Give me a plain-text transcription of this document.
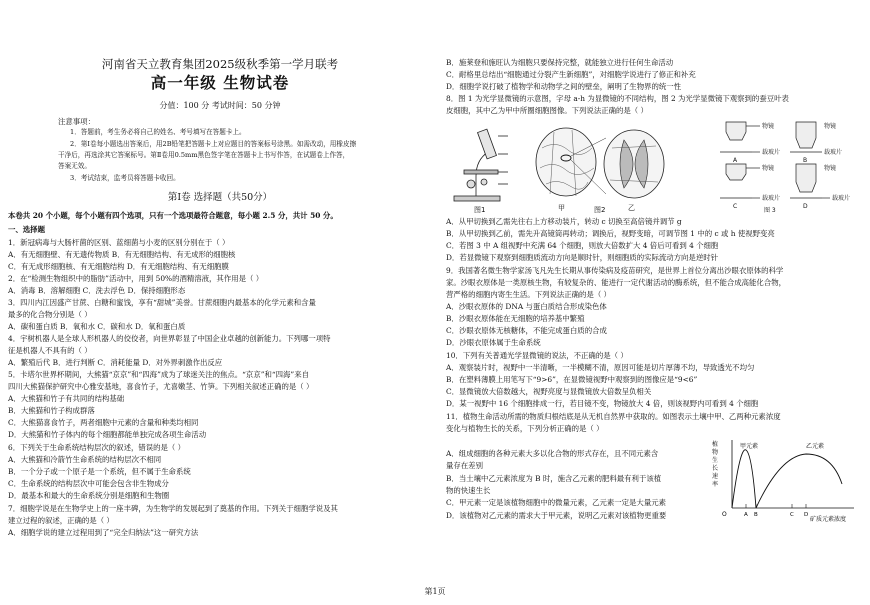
河南省天立教育集团2025级秋季第一学月联考
高一年级 生物试卷
分值：100 分 考试时间：50 分钟
注意事项：
1．答题前，考生务必将自己的姓名、考号填写在答题卡上。
2．第Ⅰ卷每小题选出答案后，用2B铅笔把答题卡上对应题目的答案标号涂黑。如需改动，用橡皮擦
干净后，再选涂其它答案标号。第Ⅱ卷用0.5mm黑色签字笔在答题卡上书写作答，在试题卷上作答，
答案无效。
3．考试结束，监考员将答题卡收回。
第Ⅰ卷 选择题（共50分）
本卷共 20 个小题，每个小题有四个选项，只有一个选项最符合题意，每小题 2.5 分，共计 50 分。
一、选择题
1．新冠病毒与大肠杆菌的区别、蓝细菌与小麦的区别分别在于（ ）
A．有无细胞壁、有无遗传物质 B．有无细胞结构、有无成形的细胞核
C．有无成形细胞核、有无细胞结构 D．有无细胞结构、有无细胞膜
2．在“检测生物组织中的脂肪”活动中，用到 50%的酒精溶液，其作用是（ ）
A．消毒 B．溶解细胞 C．洗去浮色 D．保持细胞形态
3．四川内江因盛产甘蔗、白糖和蜜饯，享有“甜城”美誉。甘蔗细胞内最基本的化学元素和含量
最多的化合物分别是（ ）
A．碳和蛋白质 B．氧和水 C．碳和水 D．氧和蛋白质
4．宇树机器人是全球人形机器人的佼佼者，向世界彰显了中国企业卓越的创新能力。下列哪一项特
征是机器人不具有的（ ）
A．繁殖后代 B．进行判断 C．消耗能量 D．对外界刺激作出反应
5．卡塔尔世界杯期间，大熊猫“京京”和“四海”成为了球迷关注的焦点。“京京”和“四海”来自
四川大熊猫保护研究中心雅安基地，喜食竹子，尤喜嫩茎、竹笋。下列相关叙述正确的是（ ）
A．大熊猫和竹子有共同的结构基础
B．大熊猫和竹子构成群落
C．大熊猫喜食竹子，两者细胞中元素的含量和种类均相同
D．大熊猫和竹子体内的每个细胞都能单独完成各项生命活动
6．下列关于生命系统结构层次的叙述，错误的是（ ）
A．大熊猫和冷箭竹生命系统的结构层次不相同
B．一个分子或一个原子是一个系统，但不属于生命系统
C．生命系统的结构层次中可能会包含非生物成分
D．最基本和最大的生命系统分别是细胞和生物圈
7．细胞学说是在生物学史上的一座丰碑，为生物学的发展起到了奠基的作用。下列关于细胞学说及其
建立过程的叙述，正确的是（ ）
A．细胞学说的建立过程用到了“完全归纳法”这一研究方法
B．施莱登和施旺认为细胞只要保持完整，就能独立进行任何生命活动
C．耐格里总结出“细胞通过分裂产生新细胞”，对细胞学说进行了修正和补充
D．细胞学说打破了植物学和动物学之间的壁垒，阐明了生物界的统一性
8．图 1 为光学显微镜的示意图，字母 a-h 为显微镜的不同结构，图 2 为光学显微镜下观察到的蚕豆叶表
皮细胞，其中乙为甲中所圈细胞图像。下列说法正确的是（ ）
图1	甲	乙
图2
物镜
载玻片
物镜
载玻片
物镜
载玻片
物镜
载玻片
A	B
C	D
图 3
A．从甲切换到乙需先往右上方移动装片，转动 c 切换至高倍镜并调节 g
B．从甲切换到乙前，需先升高镜筒再转动；调换后，视野变暗，可调节图 1 中的 c 或 h 使视野变亮
C．若图 3 中 A 组视野中充满 64 个细胞，则放大倍数扩大 4 倍后可看到 4 个细胞
D．若显微镜下观察到细胞质流动方向是顺时针，则细胞质的实际流动方向是逆时针
9．我国著名微生物学家汤飞凡先生长期从事传染病及疫苗研究，是世界上首位分离出沙眼衣原体的科学
家。沙眼衣原体是一类原核生物，有较复杂的、能进行一定代谢活动的酶系统，但不能合成高能化合物，
营严格的细胞内寄生生活。下列说法正确的是（ ）
A．沙眼衣原体的 DNA 与蛋白质结合形成染色体
B．沙眼衣原体能在无细胞的培养基中繁殖
C．沙眼衣原体无核糖体，不能完成蛋白质的合成
D．沙眼衣原体属于生命系统
10．下列有关普通光学显微镜的说法，不正确的是（ ）
A．观察装片时，视野中一半清晰，一半模糊不清，原因可能是切片厚薄不均，导致透光不均匀
B．在塑料薄膜上用笔写下“9>6”，在显微镜视野中观察到的图像应是“9<6”
C．显微镜放大倍数越大，视野亮度与显微镜放大倍数呈负相关
D．某一视野中 16 个细胞排成一行，若目镜不变，物镜放大 4 倍，则该视野内可看到 4 个细胞
11．植物生命活动所需的物质归根结底是从无机自然界中获取的。如图表示土壤中甲、乙两种元素浓度
变化与植物生长的关系，下列分析正确的是（ ）
A．组成细胞的各种元素大多以化合物的形式存在，且不同元素含
量存在差别
B．当土壤中乙元素浓度为 B 时，施含乙元素的肥料最有利于该植
物的快速生长
C．甲元素一定是该植物细胞中的微量元素，乙元素一定是大量元素
D．该植物对乙元素的需求大于甲元素，说明乙元素对该植物更重要
植
物
生
长
速
率
甲元素	乙元素
O	A B	C D
矿质元素浓度
第1页
